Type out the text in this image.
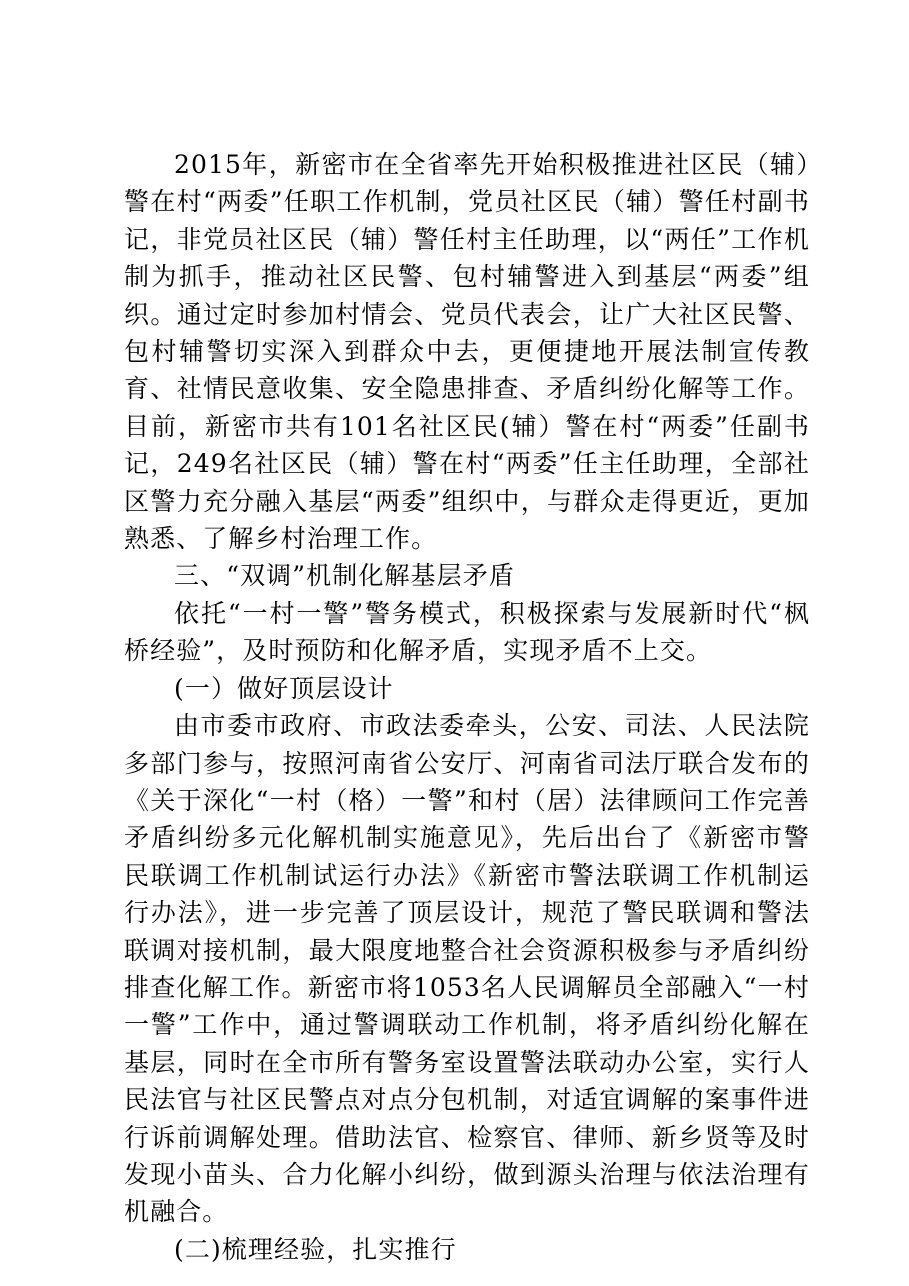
2015年，新密市在全省率先开始积极推进社区民（辅）警在村“两委”任职工作机制，党员社区民（辅）警任村副书记，非党员社区民（辅）警任村主任助理，以“两任”工作机制为抓手，推动社区民警、包村辅警进入到基层“两委”组织。通过定时参加村情会、党员代表会，让广大社区民警、包村辅警切实深入到群众中去，更便捷地开展法制宣传教育、社情民意收集、安全隐患排查、矛盾纠纷化解等工作。目前，新密市共有101名社区民(辅）警在村“两委”任副书记，249名社区民（辅）警在村“两委”任主任助理，全部社区警力充分融入基层“两委”组织中，与群众走得更近，更加熟悉、了解乡村治理工作。

三、“双调”机制化解基层矛盾

依托“一村一警”警务模式，积极探索与发展新时代“枫桥经验”，及时预防和化解矛盾，实现矛盾不上交。

(一）做好顶层设计

由市委市政府、市政法委牵头，公安、司法、人民法院多部门参与，按照河南省公安厅、河南省司法厅联合发布的《关于深化“一村（格）一警”和村（居）法律顾问工作完善矛盾纠纷多元化解机制实施意见》，先后出台了《新密市警民联调工作机制试运行办法》《新密市警法联调工作机制运行办法》，进一步完善了顶层设计，规范了警民联调和警法联调对接机制，最大限度地整合社会资源积极参与矛盾纠纷排查化解工作。新密市将1053名人民调解员全部融入“一村一警”工作中，通过警调联动工作机制，将矛盾纠纷化解在基层，同时在全市所有警务室设置警法联动办公室，实行人民法官与社区民警点对点分包机制，对适宜调解的案事件进行诉前调解处理。借助法官、检察官、律师、新乡贤等及时发现小苗头、合力化解小纠纷，做到源头治理与依法治理有机融合。

(二)梳理经验，扎实推行
